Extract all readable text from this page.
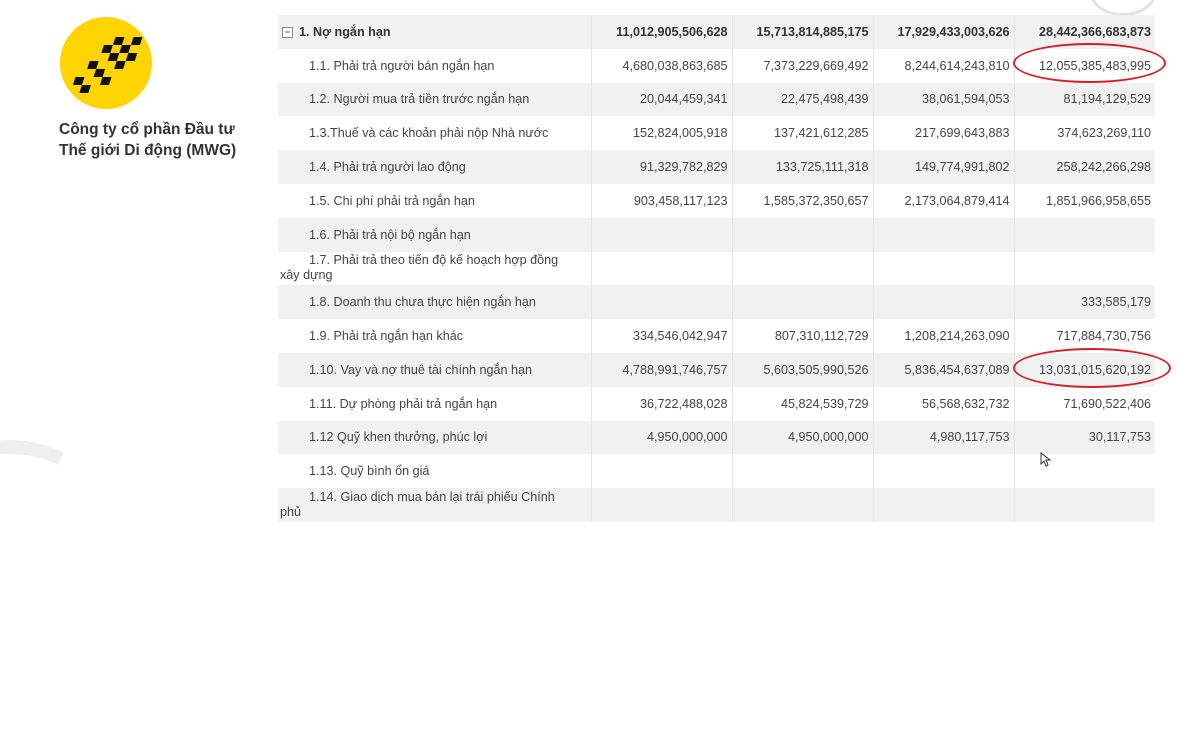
Công ty cổ phần Đầu tư
Thế giới Di động (MWG)
− 1. Nợ ngắn hạn	11,012,905,506,628	15,713,814,885,175	17,929,433,003,626	28,442,366,683,873
1.1. Phải trả người bán ngắn hạn	4,680,038,863,685	7,373,229,669,492	8,244,614,243,810	12,055,385,483,995
1.2. Người mua trả tiền trước ngắn hạn	20,044,459,341	22,475,498,439	38,061,594,053	81,194,129,529
1.3.Thuế và các khoản phải nộp Nhà nước	152,824,005,918	137,421,612,285	217,699,643,883	374,623,269,110
1.4. Phải trả người lao động	91,329,782,829	133,725,111,318	149,774,991,802	258,242,266,298
1.5. Chi phí phải trả ngắn hạn	903,458,117,123	1,585,372,350,657	2,173,064,879,414	1,851,966,958,655
1.6. Phải trả nội bộ ngắn hạn				
1.7. Phải trả theo tiến độ kế hoạch hợp đồng
xây dựng				

1.8. Doanh thu chưa thực hiện ngắn hạn				333,585,179
1.9. Phải trả ngắn hạn khác	334,546,042,947	807,310,112,729	1,208,214,263,090	717,884,730,756
1.10. Vay và nợ thuê tài chính ngắn hạn	4,788,991,746,757	5,603,505,990,526	5,836,454,637,089	13,031,015,620,192
1.11. Dự phòng phải trả ngắn hạn	36,722,488,028	45,824,539,729	56,568,632,732	71,690,522,406
1.12 Quỹ khen thưởng, phúc lợi	4,950,000,000	4,950,000,000	4,980,117,753	30,117,753
1.13. Quỹ bình ổn giá				
1.14. Giao dịch mua bán lại trái phiếu Chính
phủ				
